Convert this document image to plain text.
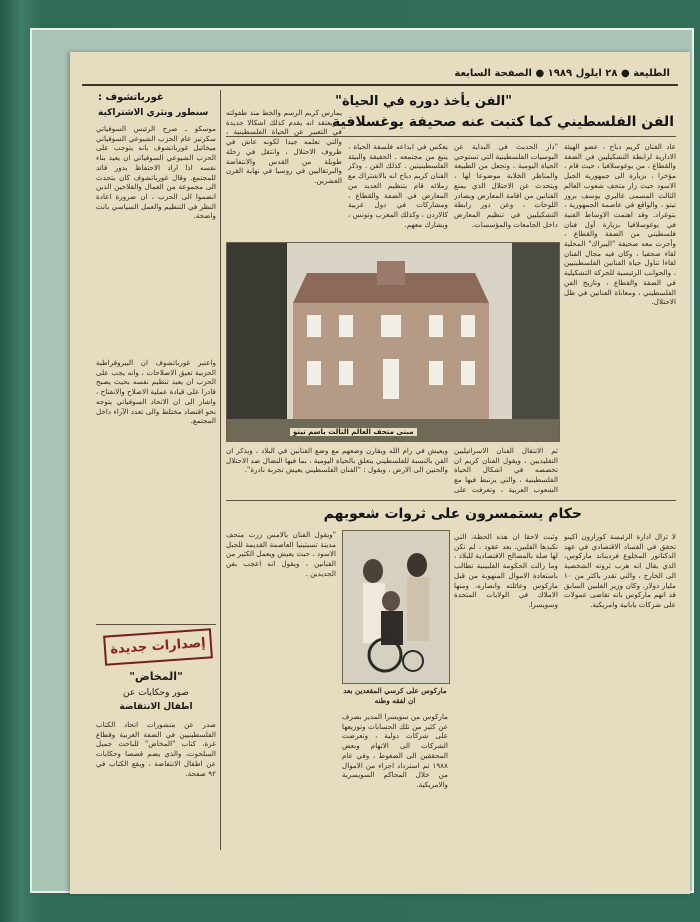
الطليعة ● ٢٨ ايلول ١٩٨٩ ● الصفحة السابعة
غورباتشوف :
سنطور ونثري الاشتراكية
موسكو ـ صرح الرئيس السوفياتي سكرتير عام الحزب الشيوعي السوفياتي ميخائيل غورباتشوف بانه يتوجب على الحزب الشيوعي السوفياتي ان يعيد بناء نفسه اذا اراد الاحتفاظ بدور قائد للمجتمع. وقال غورباتشوف كان يتحدث الى مجموعة من العمال والفلاحين الذين انضموا الى الحزب ، ان ضرورة اعادة النظر في التنظيم والعمل السياسي باتت واضحة.
واعتبر غورباتشوف ان البيروقراطية الحزبية تعيق الاصلاحات ، وانه يجب على الحزب ان يعيد تنظيم نفسه بحيث يصبح قادرا على قيادة عملية الاصلاح والانفتاح ، واشار الى ان الاتحاد السوفياتي يتوجه نحو اقتصاد مختلط والى تعدد الآراء داخل المجتمع.
إصدارات جديدة
"المخاض"
صور وحكايات عن
اطفال الانتفاضة
صدر عن منشورات اتحاد الكتاب الفلسطينيين في الضفة الغربية وقطاع غزة، كتاب "المخاض" للباحث جميل السلحوت، والذي يضم قصصا وحكايات عن اطفال الانتفاضة ، ويقع الكتاب في ٩٢ صفحة.
"الفن يأخذ دوره في الحياة"
الفن الفلسطيني كما كتبت عنه صحيفة يوغسلافية
عاد الفنان كريم دباح ، عضو الهيئة الادارية لرابطة التشكيليين في الضفة والقطاع ، من يوغوسلافيا ، حيث قام ، مؤخرا ، بزيارة الى جمهورية الجبل الاسود حيث زار متحف شعوب العالم الثالث المسمى غاليري يوسف بروز تيتو ، والواقع في عاصمة الجمهورية ، بتوغراد. وقد اهتمت الاوساط الفنية في يوغوسلافيا بزيارة أول فنان فلسطيني من الضفة والقطاع ، وأجرت معه صحيفة "اليبراك" المحلية لقاء صحفيا ، وكان فيه مجال الفنان لقاءا تناول حياة الفنانين الفلسطينيين ، والجوانب الرئيسية للحركة التشكيلية في الضفة والقطاع ، وتاريخ الفن الفلسطيني ، ومعاناة الفنانين في ظل الاحتلال.
"دار الحديث في البداية عن البوسيات الفلسطينية التي تستوحي الحياة اليومية ، وتجعل من الطبيعة والمناظر الخلابة موضوعا لها ، ويتحدث عن الاحتلال الذي يمنع الفنانين من اقامة المعارض ويصادر اللوحات ، وعن دور رابطة التشكيليين في تنظيم المعارض داخل الجامعات والمؤسسات.
يعكس في ابداعه فلسفة الحياة ، ينبع من مجتمعه . الحقيقة والبيئة الفلسطينيتين . كذلك الفن . وذكر الفنان كريم دباح انه بالاشتراك مع زملائه قام بتنظيم العديد من المعارض في الضفة والقطاع ، ومشاركات في دول عربية كالاردن ، وكذلك المغرب وتونس ، ويشارك معهم.
يمارس كريم الرسم والخط منذ طفولته ، ويعتقد انه يقدم كذلك اشكالا جديدة في التعبير عن الحياة الفلسطينية ، والتي تعلمه جيدا لكونه عاش في ظروف الاحتلال ، وانتقل في رحلة طويلة من القدس والانتفاضة والبرتقاليين في روسيا في نهاية القرن العشرين.
مبنى متحف العالم الثالث باسم تيتو
ثم الانتقال الفنان الاسرائيليين التقليديين ، ويقول الفنان كريم ان تخصصه في اشكال الحياة الفلسطينية ، والتي يرتبط فيها مع الشعوب العربية ، وتعرفت على
ويعيش في رام الله ويقارن وضعهم مع وضع الفنانين في البلاد ، ويذكر ان الفن بالنسبة للفلسطيني يتعلق بالحياة اليومية ، بما فيها النضال ضد الاحتلال والحنين الى الارض ، ويقول : "الفنان الفلسطيني يعيش تجربة نادرة".
حكام يستمسرون على ثروات شعوبهم
لا تزال ادارة الرئيسة كورازون اكينو تحقق في الفساد الاقتصادي في عهد الدكتاتور المخلوع فرديناند ماركوس، الذي يقال انه هرب ثروته الشخصية الى الخارج ، والتي تقدر باكثر من ١٠ مليار دولار. وكان وزير الفلبين السابق قد اتهم ماركوس بانه تقاضى عمولات على شركات يابانية وامريكية.
وثبت لاحقا ان هذه الحظة، التي تكبدها الفلبين، بعد عقود ، لم تكن لها صلة بالمصالح الاقتصادية للبلاد ، وما زالت الحكومة الفلبينية تطالب باستعادة الاموال المنهوبة من قبل ماركوس وعائلته وانصاره، ومنها الاملاك في الولايات المتحدة وسويسرا.
ماركوس على كرسي المقعدين بعد ان لفقه وطنه
ماركوس من سويسرا المدير بصرف عن كثير من تلك الحسابات وتوزيعها على شركات دولية ، وتعرضت الشركات الى الاتهام وبعض المحققين الى الضغوط ، وفي عام ١٩٨٨ تم استرداد اجزاء من الاموال من خلال المحاكم السويسرية والامريكية.
"ويقول الفنان بالامس زرت متحف مدينة تسيتينيا العاصمة القديمة للجبل الاسود ، حيث يعيش ويعمل الكثير من الفنانين ، ويقول انه اعجب بفن الجديدين .
